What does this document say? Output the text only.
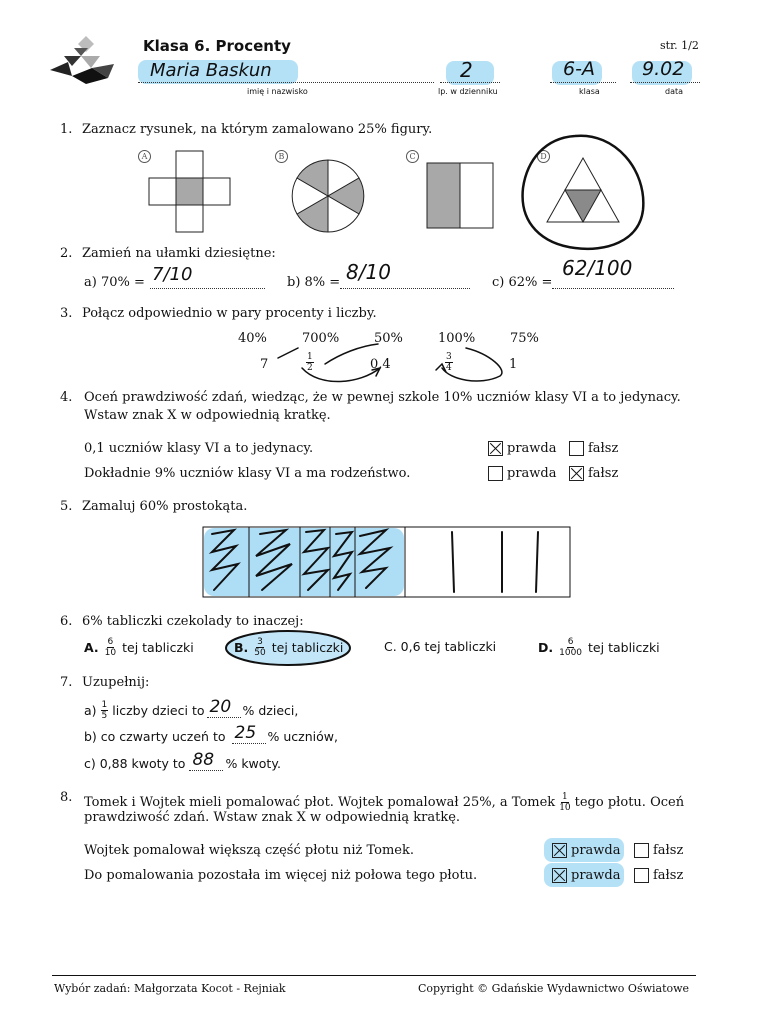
Klasa 6. Procenty	str. 1/2
Maria Baskun
imię i nazwisko
2
lp. w dzienniku
6-A
klasa
9.02
data
1. Zaznacz rysunek, na którym zamalowano 25% figury.
A	B	C	D
2. Zamień na ułamki dziesiętne:
a) 70% = 7/10	b) 8% = 8/10	c) 62% =
62/100
3. Połącz odpowiednio w pary procenty i liczby.
40%	700%	50%	100%	75%
7	$\frac{1}{2}$	0,4	$\frac{3}{4}$	1
4. Oceń prawdziwość zdań, wiedząc, że w pewnej szkole 10% uczniów klasy VI a to jedynacy.
Wstaw znak X w odpowiednią kratkę.
0,1 uczniów klasy VI a to jedynacy.	prawda	fałsz
Dokładnie 9% uczniów klasy VI a ma rodzeństwo.	prawda	fałsz
5. Zamaluj 60% prostokąta.
6. 6% tabliczki czekolady to inaczej:
A. $\frac{6}{10}$ tej tabliczki	B. $\frac{3}{50}$ tej tabliczki	C. 0,6 tej tabliczki	D. $\frac{6}{1000}$ tej tabliczki
7. Uzupełnij:
$a) \frac{1}{5}$ liczby dzieci to 20 % dzieci,
b) co czwarty uczeń to 25 % uczniów,
c) 0,88 kwoty to 88 % kwoty.
8. Tomek i Wojtek mieli pomalować płot. Wojtek pomalował 25%, a Tomek $\frac{1}{10}$ tego płotu. Oceń
prawdziwość zdań. Wstaw znak X w odpowiednią kratkę.
Wojtek pomalował większą część płotu niż Tomek.	prawda	fałsz
Do pomalowania pozostała im więcej niż połowa tego płotu.	prawda	fałsz
Wybór zadań: Małgorzata Kocot - Rejniak	Copyright © Gdańskie Wydawnictwo Oświatowe
